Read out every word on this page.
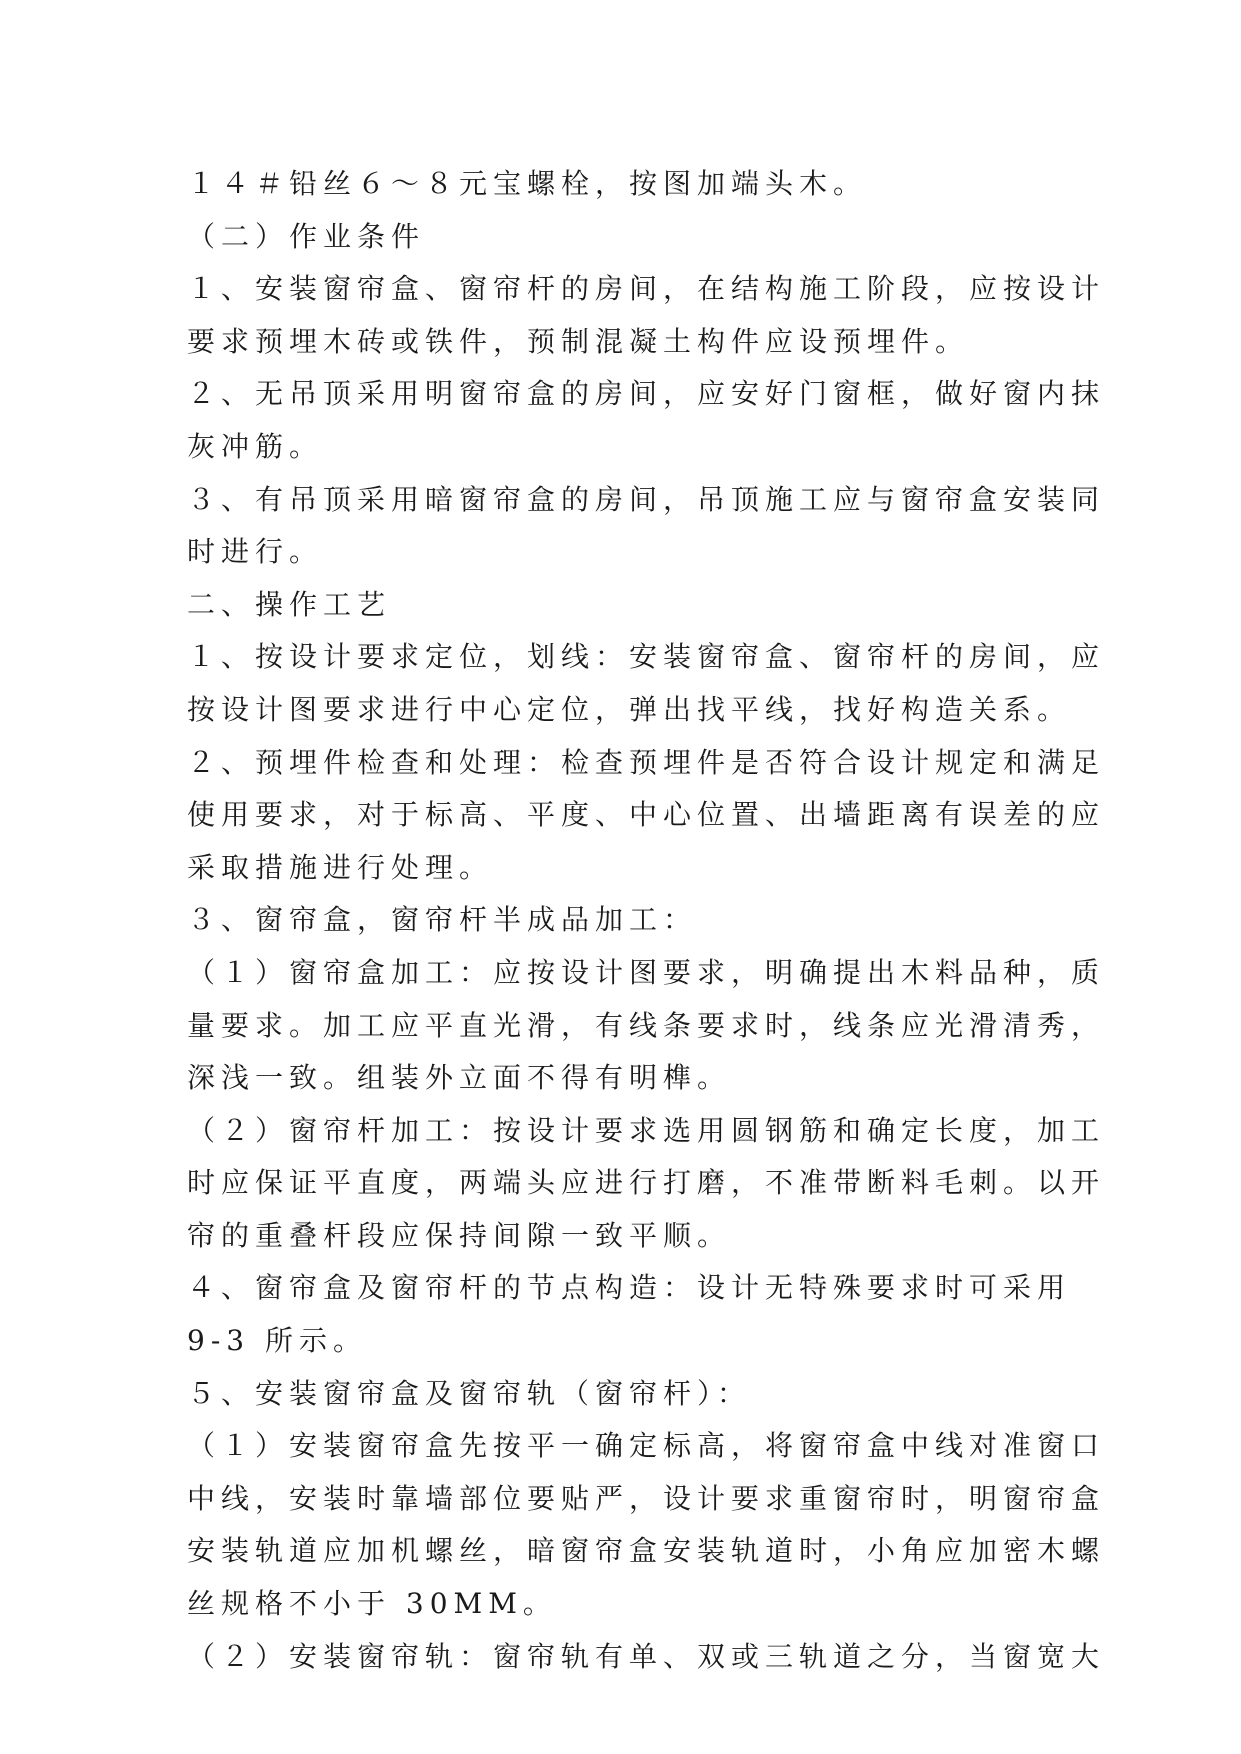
１４＃铅丝６～８元宝螺栓，按图加端头木。
（二）作业条件
１、安装窗帘盒、窗帘杆的房间，在结构施工阶段，应按设计
要求预埋木砖或铁件，预制混凝土构件应设预埋件。
２、无吊顶采用明窗帘盒的房间，应安好门窗框，做好窗内抹
灰冲筋。
３、有吊顶采用暗窗帘盒的房间，吊顶施工应与窗帘盒安装同
时进行。
二、操作工艺
１、按设计要求定位，划线：安装窗帘盒、窗帘杆的房间，应
按设计图要求进行中心定位，弹出找平线，找好构造关系。
２、预埋件检查和处理：检查预埋件是否符合设计规定和满足
使用要求，对于标高、平度、中心位置、出墙距离有误差的应
采取措施进行处理。
３、窗帘盒，窗帘杆半成品加工：
（１）窗帘盒加工：应按设计图要求，明确提出木料品种，质
量要求。加工应平直光滑，有线条要求时，线条应光滑清秀，
深浅一致。组装外立面不得有明榫。
（２）窗帘杆加工：按设计要求选用圆钢筋和确定长度，加工
时应保证平直度，两端头应进行打磨，不准带断料毛刺。以开
帘的重叠杆段应保持间隙一致平顺。
４、窗帘盒及窗帘杆的节点构造：设计无特殊要求时可采用
9-3 所示。
５、安装窗帘盒及窗帘轨（窗帘杆）：
（１）安装窗帘盒先按平一确定标高，将窗帘盒中线对准窗口
中线，安装时靠墙部位要贴严，设计要求重窗帘时，明窗帘盒
安装轨道应加机螺丝，暗窗帘盒安装轨道时，小角应加密木螺
丝规格不小于 30MM。
（２）安装窗帘轨：窗帘轨有单、双或三轨道之分，当窗宽大
